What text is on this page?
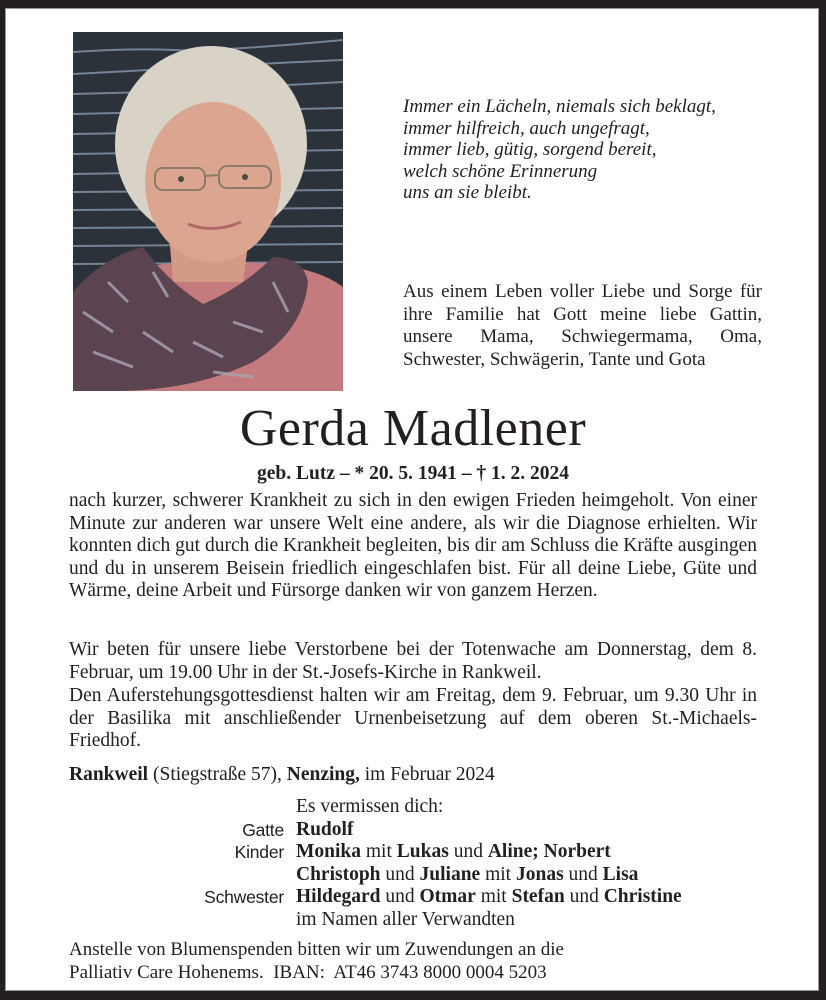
Immer ein Lächeln, niemals sich beklagt,
immer hilfreich, auch ungefragt,
immer lieb, gütig, sorgend bereit,
welch schöne Erinnerung
uns an sie bleibt.
Aus einem Leben voller Liebe und Sorge für ihre Familie hat Gott meine liebe Gattin, unsere Mama, Schwiegermama, Oma, Schwester, Schwägerin, Tante und Gota
Gerda Madlener
geb. Lutz – * 20. 5. 1941 – † 1. 2. 2024
nach kurzer, schwerer Krankheit zu sich in den ewigen Frieden heimgeholt. Von einer Minute zur anderen war unsere Welt eine andere, als wir die Diagnose erhielten. Wir konnten dich gut durch die Krankheit begleiten, bis dir am Schluss die Kräfte ausgingen und du in unserem Beisein friedlich eingeschlafen bist. Für all deine Liebe, Güte und Wärme, deine Arbeit und Fürsorge danken wir von ganzem Herzen.
Wir beten für unsere liebe Verstorbene bei der Totenwache am Donnerstag, dem 8. Februar, um 19.00 Uhr in der St.-Josefs-Kirche in Rankweil.
Den Auferstehungsgottesdienst halten wir am Freitag, dem 9. Februar, um 9.30 Uhr in der Basilika mit anschließender Urnenbeisetzung auf dem oberen St.-Michaels-Friedhof.
Rankweil (Stiegstraße 57), Nenzing, im Februar 2024
Es vermissen dich:
Gatte Rudolf
Kinder Monika mit Lukas und Aline; Norbert
Christoph und Juliane mit Jonas und Lisa
Schwester Hildegard und Otmar mit Stefan und Christine
im Namen aller Verwandten
Anstelle von Blumenspenden bitten wir um Zuwendungen an die
Palliativ Care Hohenems.  IBAN:  AT46 3743 8000 0004 5203
